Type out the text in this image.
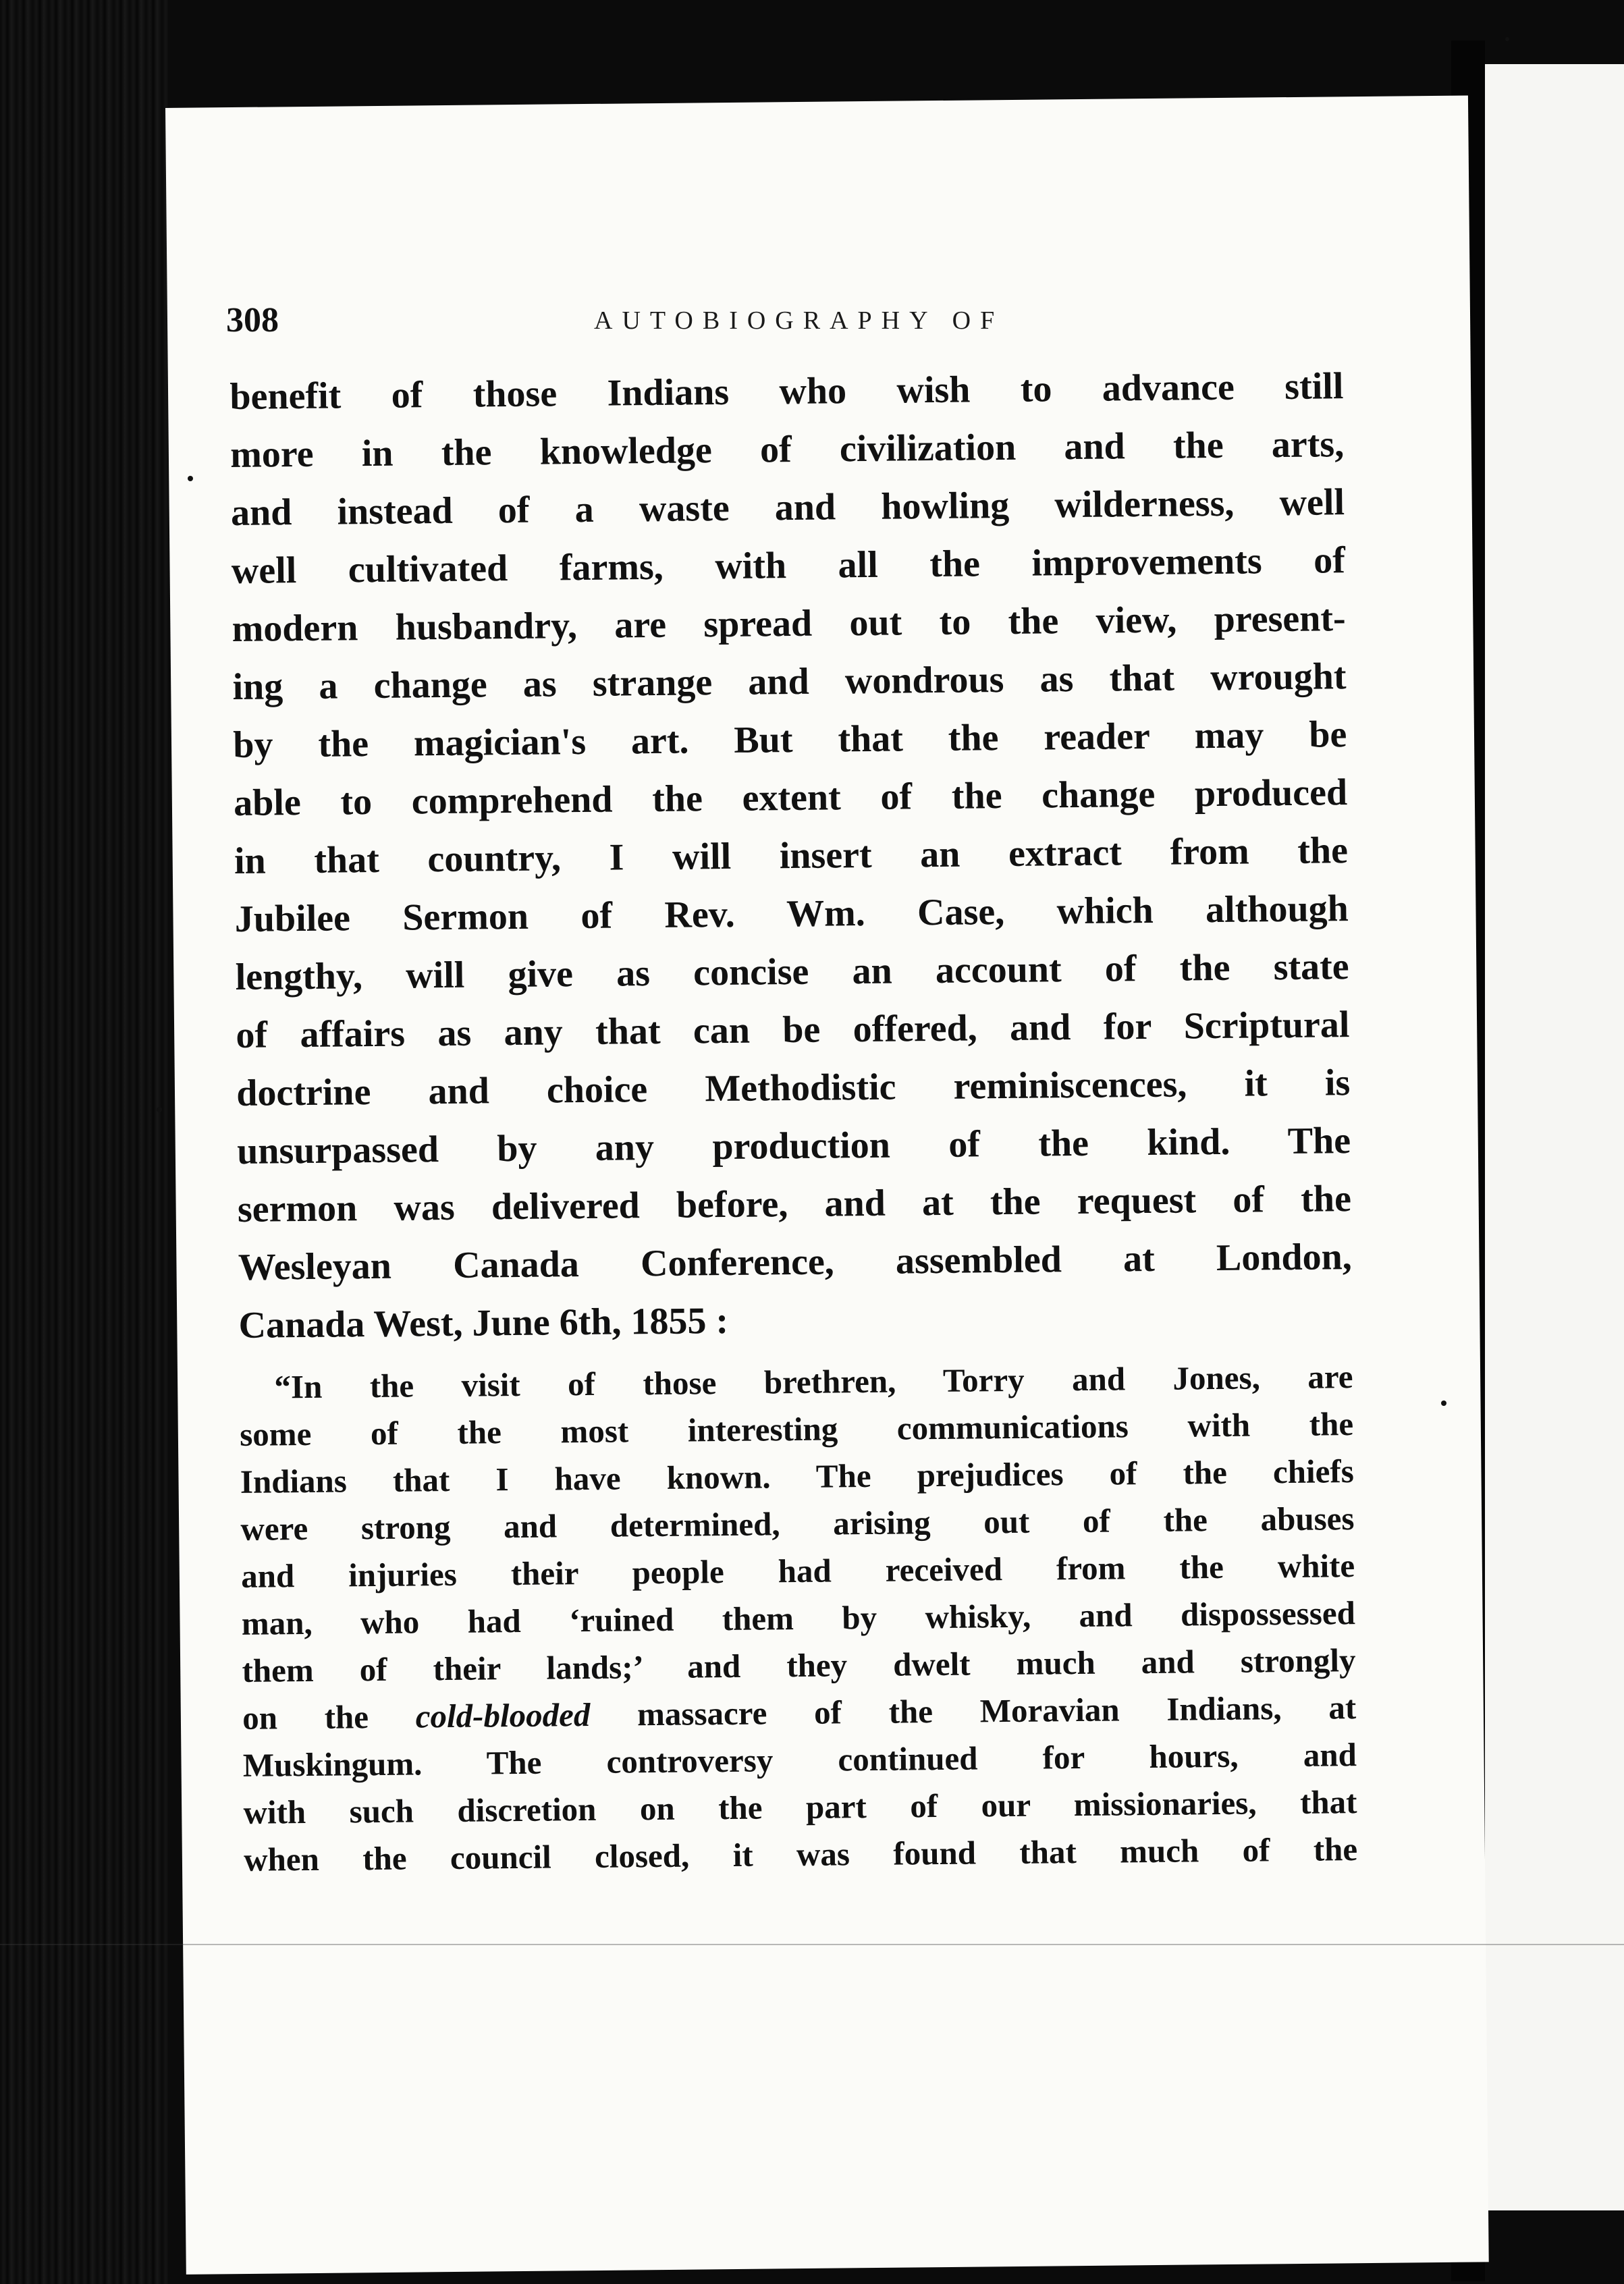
308	AUTOBIOGRAPHY OF
benefit of those Indians who wish to advance still
more in the knowledge of civilization and the arts,
and instead of a waste and howling wilderness, well
well cultivated farms, with all the improvements of
modern husbandry, are spread out to the view, present-
ing a change as strange and wondrous as that wrought
by the magician's art. But that the reader may be
able to comprehend the extent of the change produced
in that country, I will insert an extract from the
Jubilee Sermon of Rev. Wm. Case, which although
lengthy, will give as concise an account of the state
of affairs as any that can be offered, and for Scriptural
doctrine and choice Methodistic reminiscences, it is
unsurpassed by any production of the kind. The
sermon was delivered before, and at the request of the
Wesleyan Canada Conference, assembled at London,
Canada West, June 6th, 1855 :
“In the visit of those brethren, Torry and Jones, are
some of the most interesting communications with the
Indians that I have known. The prejudices of the chiefs
were strong and determined, arising out of the abuses
and injuries their people had received from the white
man, who had ‘ruined them by whisky, and dispossessed
them of their lands;’ and they dwelt much and strongly
on the cold-blooded massacre of the Moravian Indians, at
Muskingum. The controversy continued for hours, and
with such discretion on the part of our missionaries, that
when the council closed, it was found that much of the
